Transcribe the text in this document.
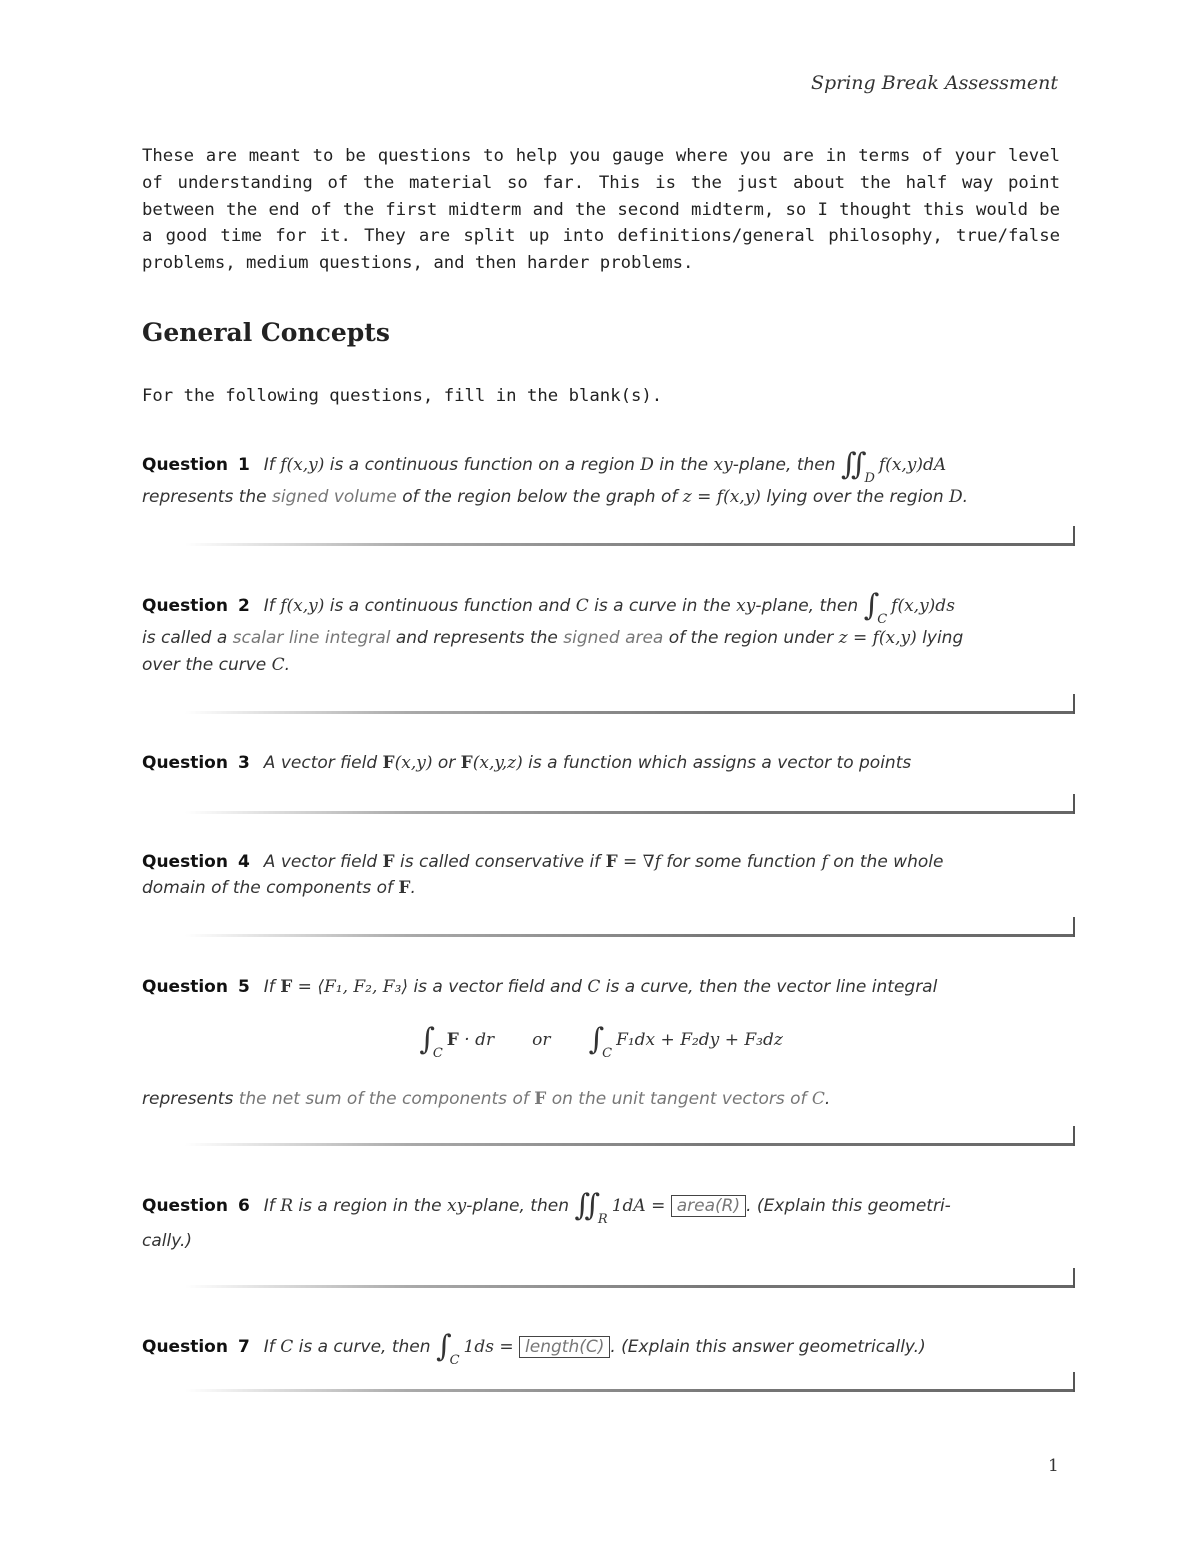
Spring Break Assessment
These are meant to be questions to help you gauge where you are in terms of your level of understanding of the material so far. This is the just about the half way point between the end of the first midterm and the second midterm, so I thought this would be a good time for it. They are split up into definitions/general philosophy, true/false problems, medium questions, and then harder problems.
General Concepts
For the following questions, fill in the blank(s).
Question 1 If f(x,y) is a continuous function on a region D in the xy-plane, then $∬_Df(x,y)dA$
represents the signed volume of the region below the graph of z = f(x,y) lying over the region D.
Question 2 If f(x,y) is a continuous function and C is a curve in the xy-plane, then $\int_Cf(x,y)ds$
is called a scalar line integral and represents the signed area of the region under z = f(x,y) lying
over the curve C.
Question 3 A vector field F(x,y) or F(x,y,z) is a function which assigns a vector to points
Question 4 A vector field F is called conservative if F = ∇f for some function f on the whole
domain of the components of F.
Question 5 If F = ⟨F₁, F₂, F₃⟩ is a vector field and C is a curve, then the vector line integral
$\int_CF$ · dr or $\int_CF_1dx + F_2dy + F_3dz$
represents the net sum of the components of F on the unit tangent vectors of C.
Question 6 If R is a region in the xy-plane, then $∬_R1dA$ = area(R) . (Explain this geometri-
cally.)
Question 7 If C is a curve, then $\int_C1ds$ = length(C) . (Explain this answer geometrically.)
1
